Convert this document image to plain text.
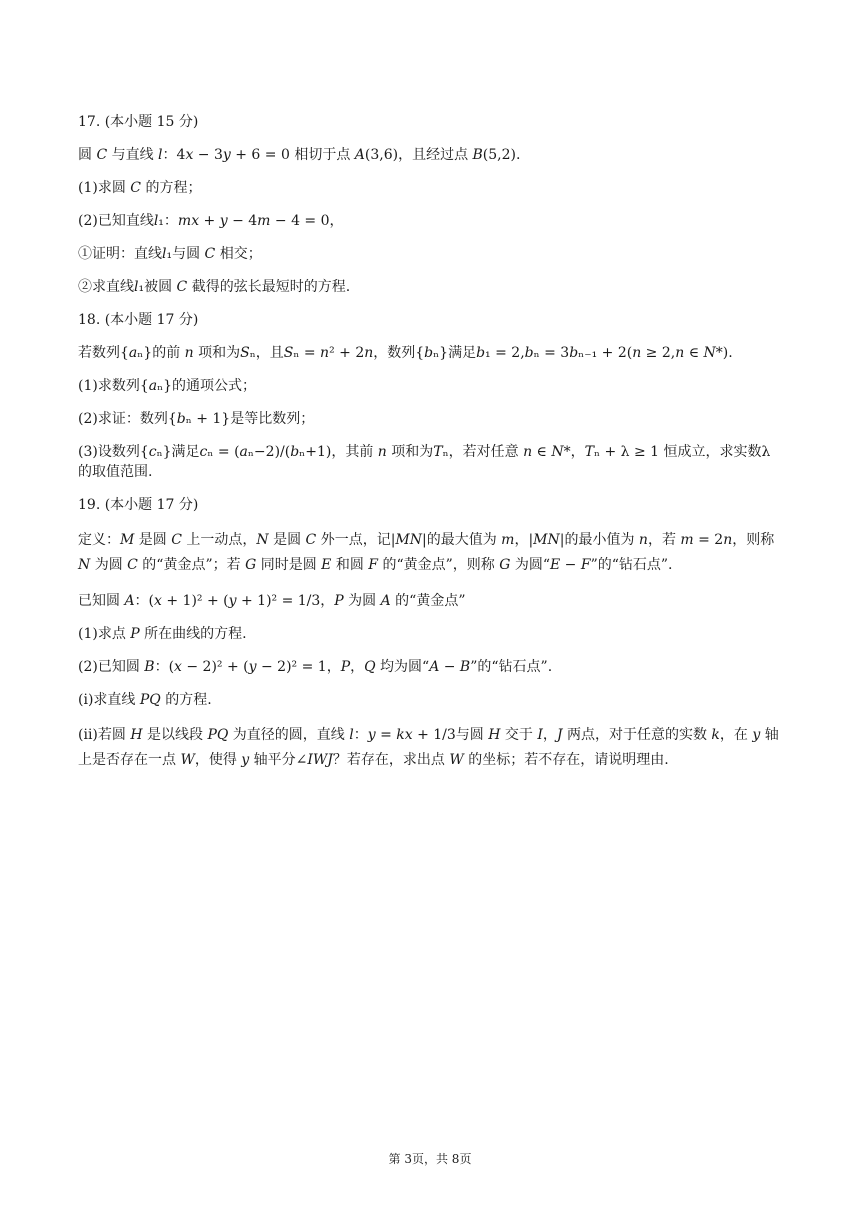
17. (本小题 15 分)
圆 𝐶 与直线 𝑙：4𝑥 − 3𝑦 + 6 = 0 相切于点 𝐴(3,6)，且经过点 𝐵(5,2).
(1)求圆 𝐶 的方程；
(2)已知直线𝑙₁：𝑚𝑥 + 𝑦 − 4𝑚 − 4 = 0，
①证明：直线𝑙₁与圆 𝐶 相交；
②求直线𝑙₁被圆 𝐶 截得的弦长最短时的方程.
18. (本小题 17 分)
若数列{𝑎ₙ}的前 𝑛 项和为𝑆ₙ，且𝑆ₙ = 𝑛² + 2𝑛，数列{𝑏ₙ}满足𝑏₁ = 2,𝑏ₙ = 3𝑏ₙ₋₁ + 2(𝑛 ≥ 2,𝑛 ∈ 𝑁*).
(1)求数列{𝑎ₙ}的通项公式；
(2)求证：数列{𝑏ₙ + 1}是等比数列；
(3)设数列{𝑐ₙ}满足𝑐ₙ = (𝑎ₙ−2)/(𝑏ₙ+1)，其前 𝑛 项和为𝑇ₙ，若对任意 𝑛 ∈ 𝑁*，𝑇ₙ + λ ≥ 1 恒成立，求实数λ的取值范围.
19. (本小题 17 分)
定义：𝑀 是圆 𝐶 上一动点，𝑁 是圆 𝐶 外一点，记|𝑀𝑁|的最大值为 𝑚，|𝑀𝑁|的最小值为 𝑛，若 𝑚 = 2𝑛，则称 𝑁 为圆 𝐶 的“黄金点”；若 𝐺 同时是圆 𝐸 和圆 𝐹 的“黄金点”，则称 𝐺 为圆“𝐸 − 𝐹”的“钻石点”.
已知圆 𝐴：(𝑥 + 1)² + (𝑦 + 1)² = 1/3，𝑃 为圆 𝐴 的“黄金点”
(1)求点 𝑃 所在曲线的方程.
(2)已知圆 𝐵：(𝑥 − 2)² + (𝑦 − 2)² = 1，𝑃，𝑄 均为圆“𝐴 − 𝐵”的“钻石点”.
(ⅰ)求直线 𝑃𝑄 的方程.
(ⅱ)若圆 𝐻 是以线段 𝑃𝑄 为直径的圆，直线 𝑙：𝑦 = 𝑘𝑥 + 1/3与圆 𝐻 交于 𝐼，𝐽 两点，对于任意的实数 𝑘，在 𝑦 轴上是否存在一点 𝑊，使得 𝑦 轴平分∠𝐼𝑊𝐽？若存在，求出点 𝑊 的坐标；若不存在，请说明理由.
第 3页，共 8页
